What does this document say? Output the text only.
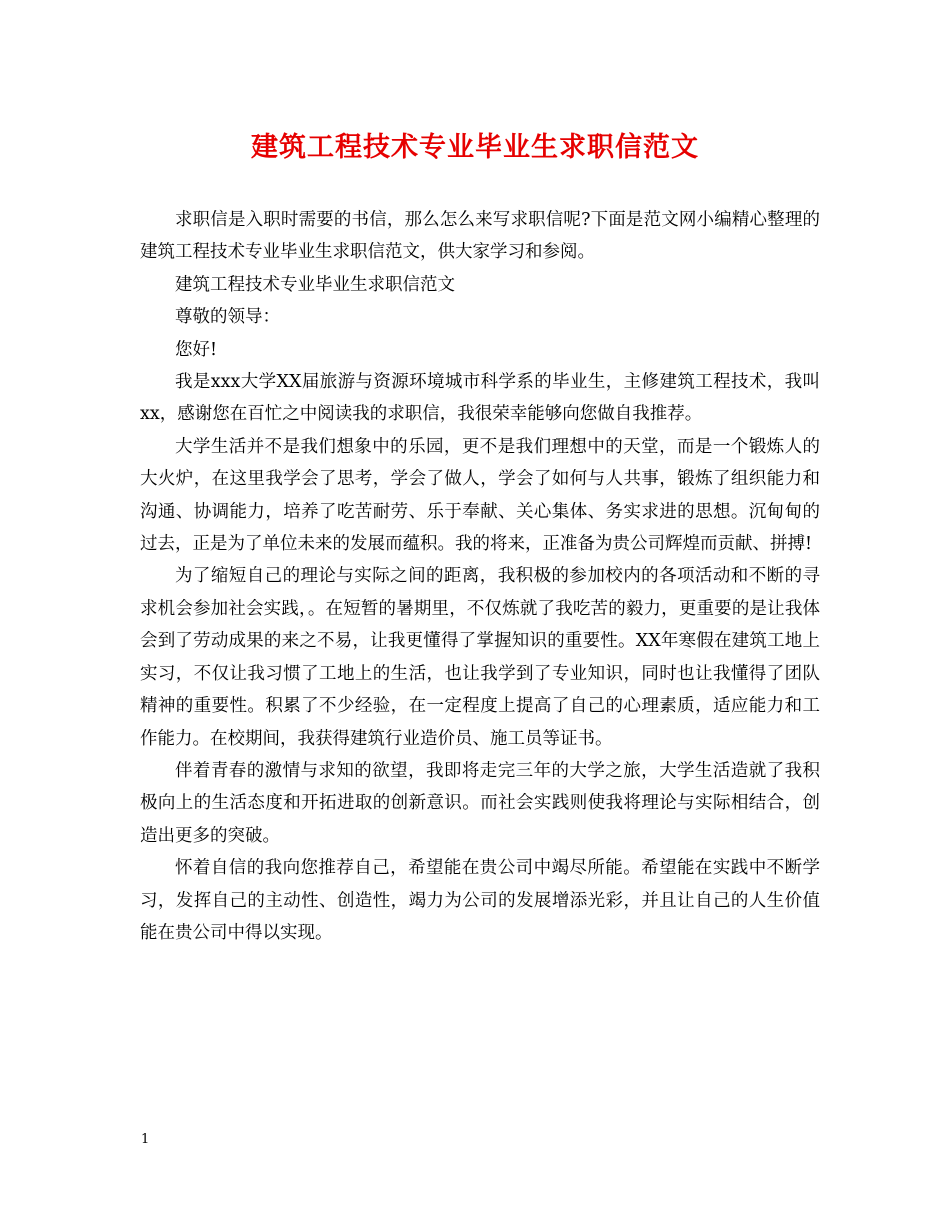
建筑工程技术专业毕业生求职信范文

求职信是入职时需要的书信，那么怎么来写求职信呢?下面是范文网小编精心整理的建筑工程技术专业毕业生求职信范文，供大家学习和参阅。

建筑工程技术专业毕业生求职信范文

尊敬的领导：

您好!

我是xxx大学XX届旅游与资源环境城市科学系的毕业生，主修建筑工程技术，我叫xx，感谢您在百忙之中阅读我的求职信，我很荣幸能够向您做自我推荐。

大学生活并不是我们想象中的乐园，更不是我们理想中的天堂，而是一个锻炼人的大火炉，在这里我学会了思考，学会了做人，学会了如何与人共事，锻炼了组织能力和沟通、协调能力，培养了吃苦耐劳、乐于奉献、关心集体、务实求进的思想。沉甸甸的过去，正是为了单位未来的发展而蕴积。我的将来，正准备为贵公司辉煌而贡献、拼搏!

为了缩短自己的理论与实际之间的距离，我积极的参加校内的各项活动和不断的寻求机会参加社会实践，。在短暂的暑期里，不仅炼就了我吃苦的毅力，更重要的是让我体会到了劳动成果的来之不易，让我更懂得了掌握知识的重要性。XX年寒假在建筑工地上实习，不仅让我习惯了工地上的生活，也让我学到了专业知识，同时也让我懂得了团队精神的重要性。积累了不少经验，在一定程度上提高了自己的心理素质，适应能力和工作能力。在校期间，我获得建筑行业造价员、施工员等证书。

伴着青春的激情与求知的欲望，我即将走完三年的大学之旅，大学生活造就了我积极向上的生活态度和开拓进取的创新意识。而社会实践则使我将理论与实际相结合，创造出更多的突破。

怀着自信的我向您推荐自己，希望能在贵公司中竭尽所能。希望能在实践中不断学习，发挥自己的主动性、创造性，竭力为公司的发展增添光彩，并且让自己的人生价值能在贵公司中得以实现。

1
